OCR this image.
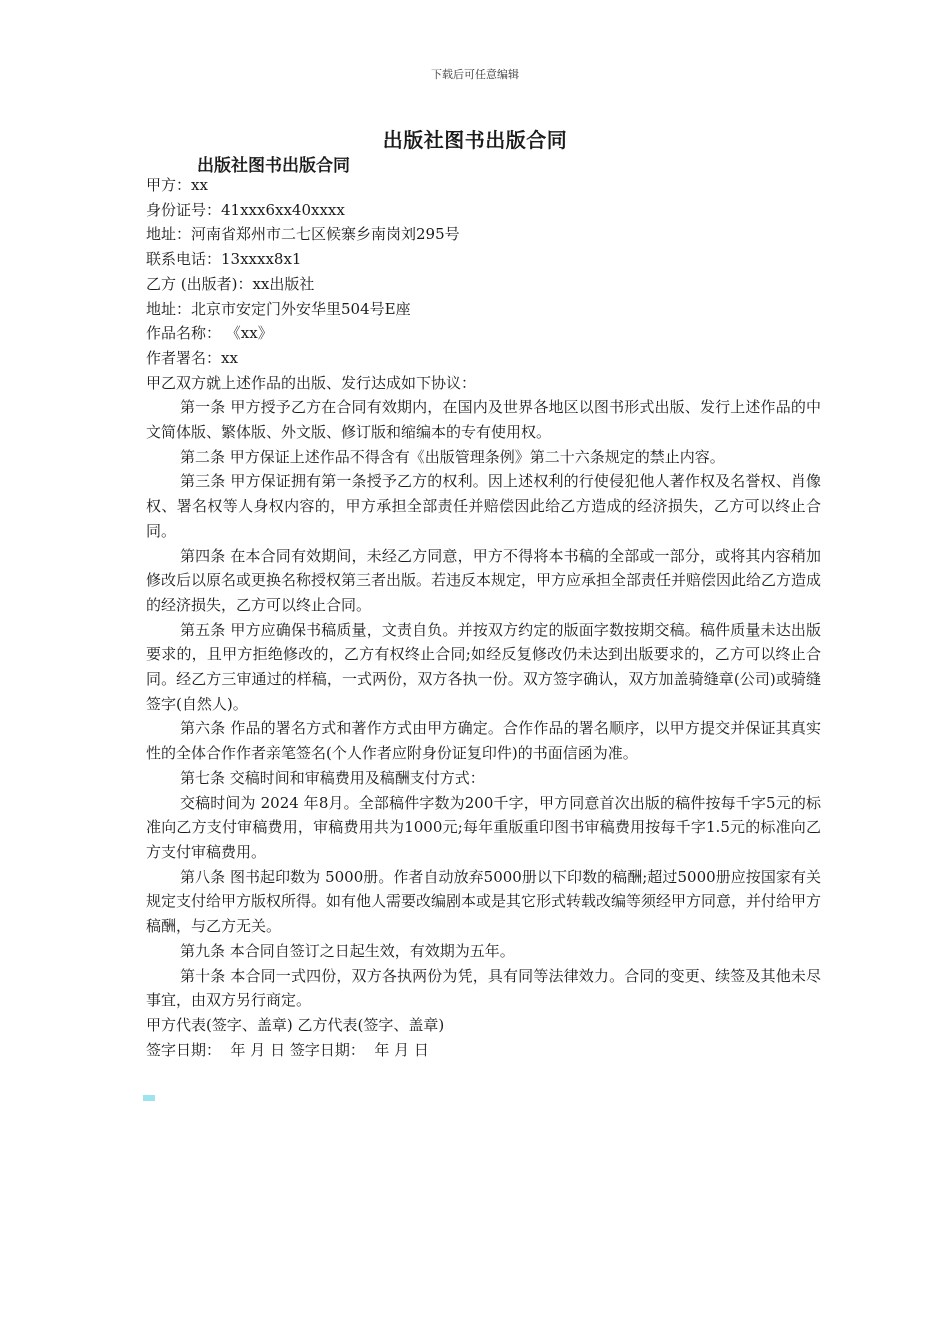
下载后可任意编辑
出版社图书出版合同
出版社图书出版合同

甲方：xx

身份证号：41xxx6xx40xxxx

地址：河南省郑州市二七区候寨乡南岗刘295号

联系电话：13xxxx8x1

乙方 (出版者)：xx出版社

地址：北京市安定门外安华里504号E座

作品名称： 《xx》

作者署名：xx

甲乙双方就上述作品的出版、发行达成如下协议：

第一条 甲方授予乙方在合同有效期内，在国内及世界各地区以图书形式出版、发行上述作品的中文简体版、繁体版、外文版、修订版和缩编本的专有使用权。

第二条 甲方保证上述作品不得含有《出版管理条例》第二十六条规定的禁止内容。

第三条 甲方保证拥有第一条授予乙方的权利。因上述权利的行使侵犯他人著作权及名誉权、肖像权、署名权等人身权内容的，甲方承担全部责任并赔偿因此给乙方造成的经济损失，乙方可以终止合同。

第四条 在本合同有效期间，未经乙方同意，甲方不得将本书稿的全部或一部分，或将其内容稍加修改后以原名或更换名称授权第三者出版。若违反本规定，甲方应承担全部责任并赔偿因此给乙方造成的经济损失，乙方可以终止合同。

第五条 甲方应确保书稿质量，文责自负。并按双方约定的版面字数按期交稿。稿件质量未达出版要求的，且甲方拒绝修改的，乙方有权终止合同;如经反复修改仍未达到出版要求的，乙方可以终止合同。经乙方三审通过的样稿，一式两份，双方各执一份。双方签字确认，双方加盖骑缝章(公司)或骑缝签字(自然人)。

第六条 作品的署名方式和著作方式由甲方确定。合作作品的署名顺序，以甲方提交并保证其真实性的全体合作作者亲笔签名(个人作者应附身份证复印件)的书面信函为准。

第七条 交稿时间和审稿费用及稿酬支付方式：

交稿时间为 2024 年8月。全部稿件字数为200千字，甲方同意首次出版的稿件按每千字5元的标准向乙方支付审稿费用，审稿费用共为1000元;每年重版重印图书审稿费用按每千字1.5元的标准向乙方支付审稿费用。

第八条 图书起印数为 5000册。作者自动放弃5000册以下印数的稿酬;超过5000册应按国家有关规定支付给甲方版权所得。如有他人需要改编剧本或是其它形式转载改编等须经甲方同意，并付给甲方稿酬，与乙方无关。

第九条 本合同自签订之日起生效，有效期为五年。

第十条 本合同一式四份，双方各执两份为凭，具有同等法律效力。合同的变更、续签及其他未尽事宜，由双方另行商定。

甲方代表(签字、盖章) 乙方代表(签字、盖章)

签字日期：  年 月 日 签字日期：  年 月 日
